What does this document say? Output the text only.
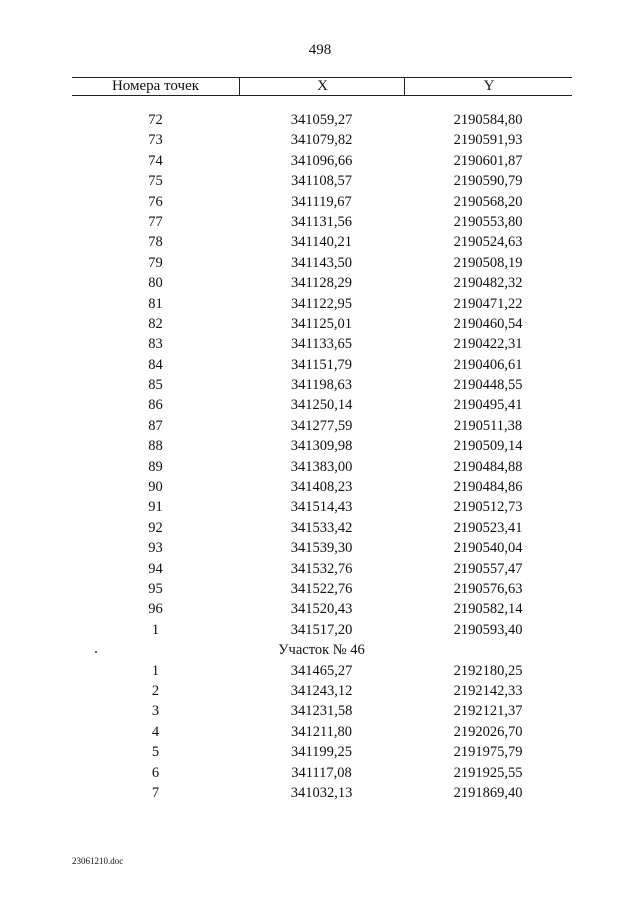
498
Номера точек	X	Y
72	341059,27	2190584,80
73	341079,82	2190591,93
74	341096,66	2190601,87
75	341108,57	2190590,79
76	341119,67	2190568,20
77	341131,56	2190553,80
78	341140,21	2190524,63
79	341143,50	2190508,19
80	341128,29	2190482,32
81	341122,95	2190471,22
82	341125,01	2190460,54
83	341133,65	2190422,31
84	341151,79	2190406,61
85	341198,63	2190448,55
86	341250,14	2190495,41
87	341277,59	2190511,38
88	341309,98	2190509,14
89	341383,00	2190484,88
90	341408,23	2190484,86
91	341514,43	2190512,73
92	341533,42	2190523,41
93	341539,30	2190540,04
94	341532,76	2190557,47
95	341522,76	2190576,63
96	341520,43	2190582,14
1	341517,20	2190593,40
Участок № 46
1	341465,27	2192180,25
2	341243,12	2192142,33
3	341231,58	2192121,37
4	341211,80	2192026,70
5	341199,25	2191975,79
6	341117,08	2191925,55
7	341032,13	2191869,40
23061210.doc
